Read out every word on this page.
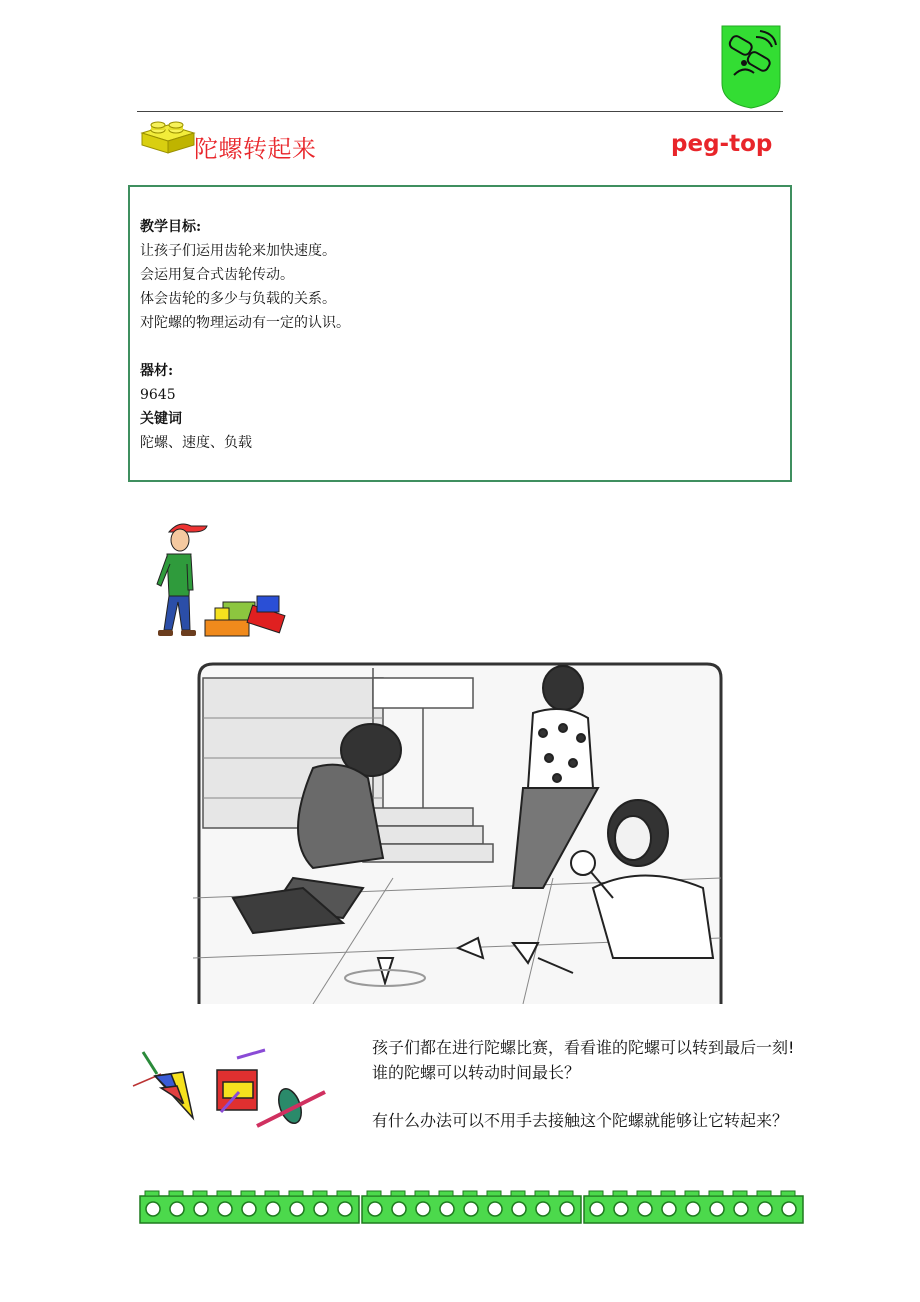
陀螺转起来	peg-top
教学目标:
让孩子们运用齿轮来加快速度。
会运用复合式齿轮传动。
体会齿轮的多少与负载的关系。
对陀螺的物理运动有一定的认识。
器材:
9645
关键词
陀螺、速度、负载
孩子们都在进行陀螺比赛，看看谁的陀螺可以转到最后一刻!
谁的陀螺可以转动时间最长？
有什么办法可以不用手去接触这个陀螺就能够让它转起来？
